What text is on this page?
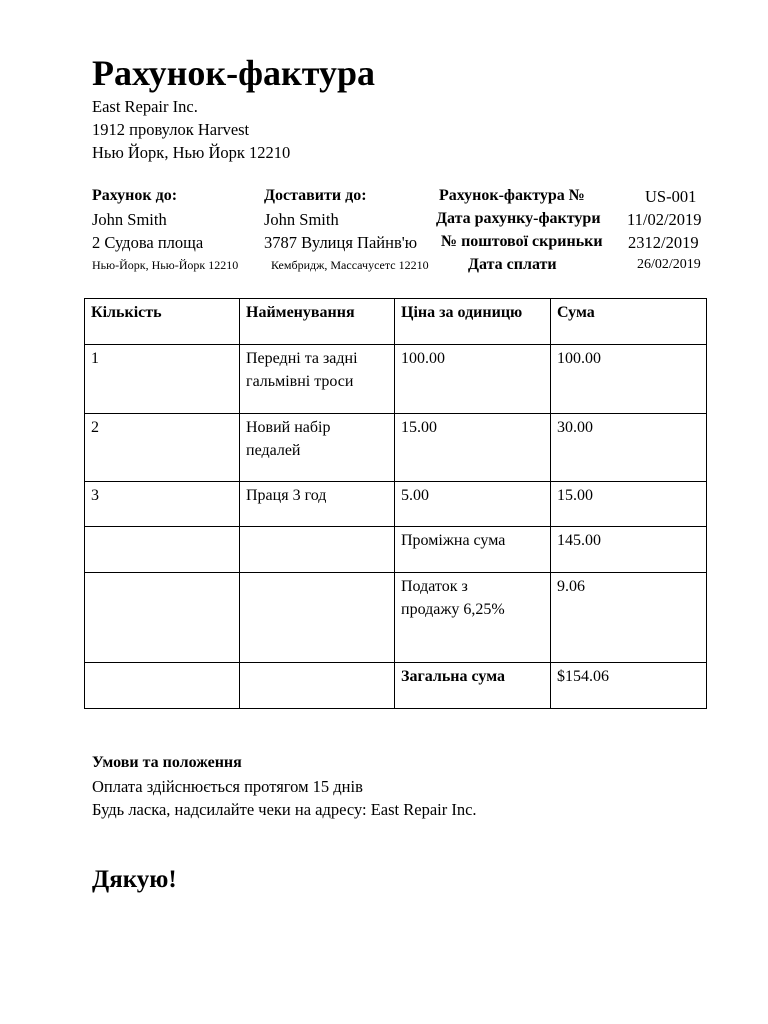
Рахунок-фактура
East Repair Inc.
1912 провулок Harvest
Нью Йорк, Нью Йорк 12210
Рахунок до:
John Smith
2 Судова площа
Нью-Йорк, Нью-Йорк 12210
Доставити до:
John Smith
3787 Вулиця Пайнв'ю
Кембридж, Массачусетс 12210
Рахунок-фактура №	US-001
Дата рахунку-фактури 11/02/2019
№ поштової скриньки 2312/2019
Дата сплати	26/02/2019
Кількість	Найменування	Ціна за одиницю	Сума
1	Передні та задні гальмівні троси	100.00	100.00
2	Новий набір педалей	15.00	30.00
3	Праця 3 год	5.00	15.00
		Проміжна сума	145.00
		Податок з продажу 6,25%	9.06
		Загальна сума	$154.06
Умови та положення
Оплата здійснюється протягом 15 днів
Будь ласка, надсилайте чеки на адресу: East Repair Inc.
Дякую!
